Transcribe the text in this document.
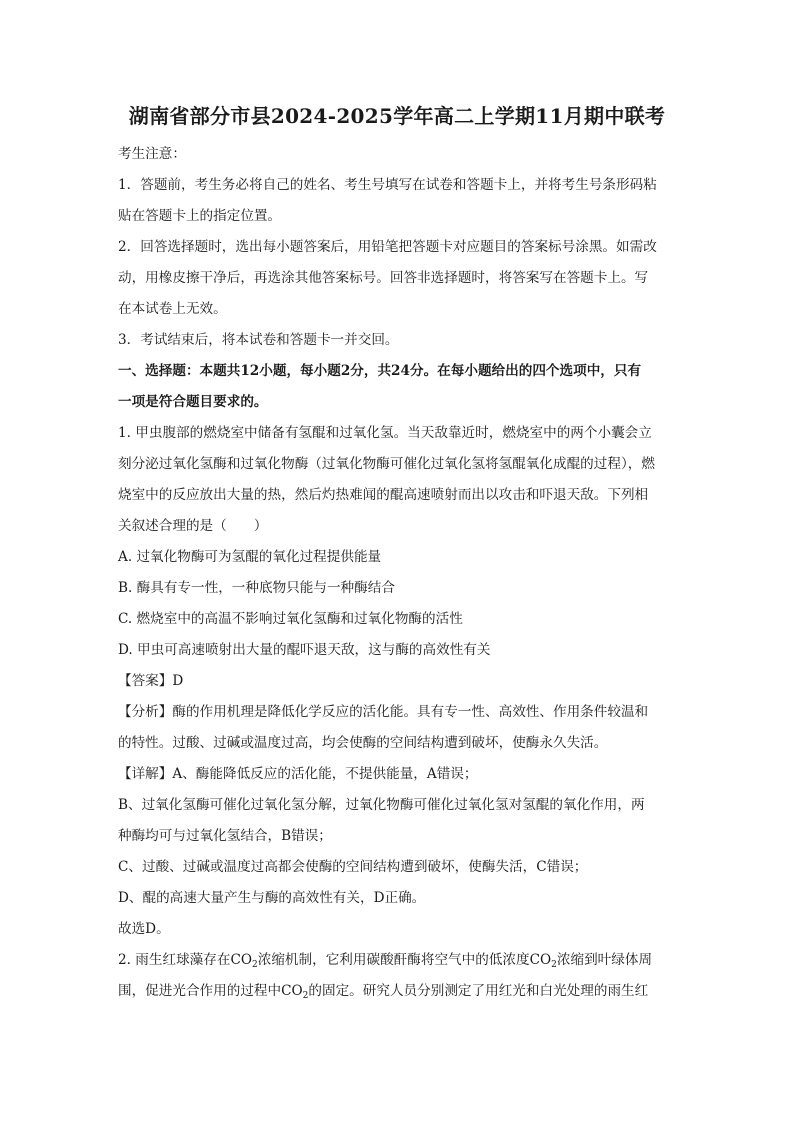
湖南省部分市县2024-2025学年高二上学期11月期中联考

考生注意：

1．答题前，考生务必将自己的姓名、考生号填写在试卷和答题卡上，并将考生号条形码粘

贴在答题卡上的指定位置。

2．回答选择题时，选出每小题答案后，用铅笔把答题卡对应题目的答案标号涂黑。如需改

动，用橡皮擦干净后，再选涂其他答案标号。回答非选择题时，将答案写在答题卡上。写

在本试卷上无效。

3．考试结束后，将本试卷和答题卡一并交回。

一、选择题：本题共12小题，每小题2分，共24分。在每小题给出的四个选项中，只有

一项是符合题目要求的。

1. 甲虫腹部的燃烧室中储备有氢醌和过氧化氢。当天敌靠近时，燃烧室中的两个小囊会立

刻分泌过氧化氢酶和过氧化物酶（过氧化物酶可催化过氧化氢将氢醌氧化成醌的过程），燃

烧室中的反应放出大量的热，然后灼热难闻的醌高速喷射而出以攻击和吓退天敌。下列相

关叙述合理的是（　　）

A. 过氧化物酶可为氢醌的氧化过程提供能量

B. 酶具有专一性，一种底物只能与一种酶结合

C. 燃烧室中的高温不影响过氧化氢酶和过氧化物酶的活性

D. 甲虫可高速喷射出大量的醌吓退天敌，这与酶的高效性有关

【答案】D

【分析】酶的作用机理是降低化学反应的活化能。具有专一性、高效性、作用条件较温和

的特性。过酸、过碱或温度过高，均会使酶的空间结构遭到破坏，使酶永久失活。

【详解】A、酶能降低反应的活化能，不提供能量，A错误；

B、过氧化氢酶可催化过氧化氢分解，过氧化物酶可催化过氧化氢对氢醌的氧化作用，两

种酶均可与过氧化氢结合，B错误；

C、过酸、过碱或温度过高都会使酶的空间结构遭到破坏，使酶失活，C错误；

D、醌的高速大量产生与酶的高效性有关，D正确。

故选D。

2. 雨生红球藻存在$CO_2$浓缩机制，它利用碳酸酐酶将空气中的低浓度$CO_2$浓缩到叶绿体周

围，促进光合作用的过程中$CO_2$的固定。研究人员分别测定了用红光和白光处理的雨生红
